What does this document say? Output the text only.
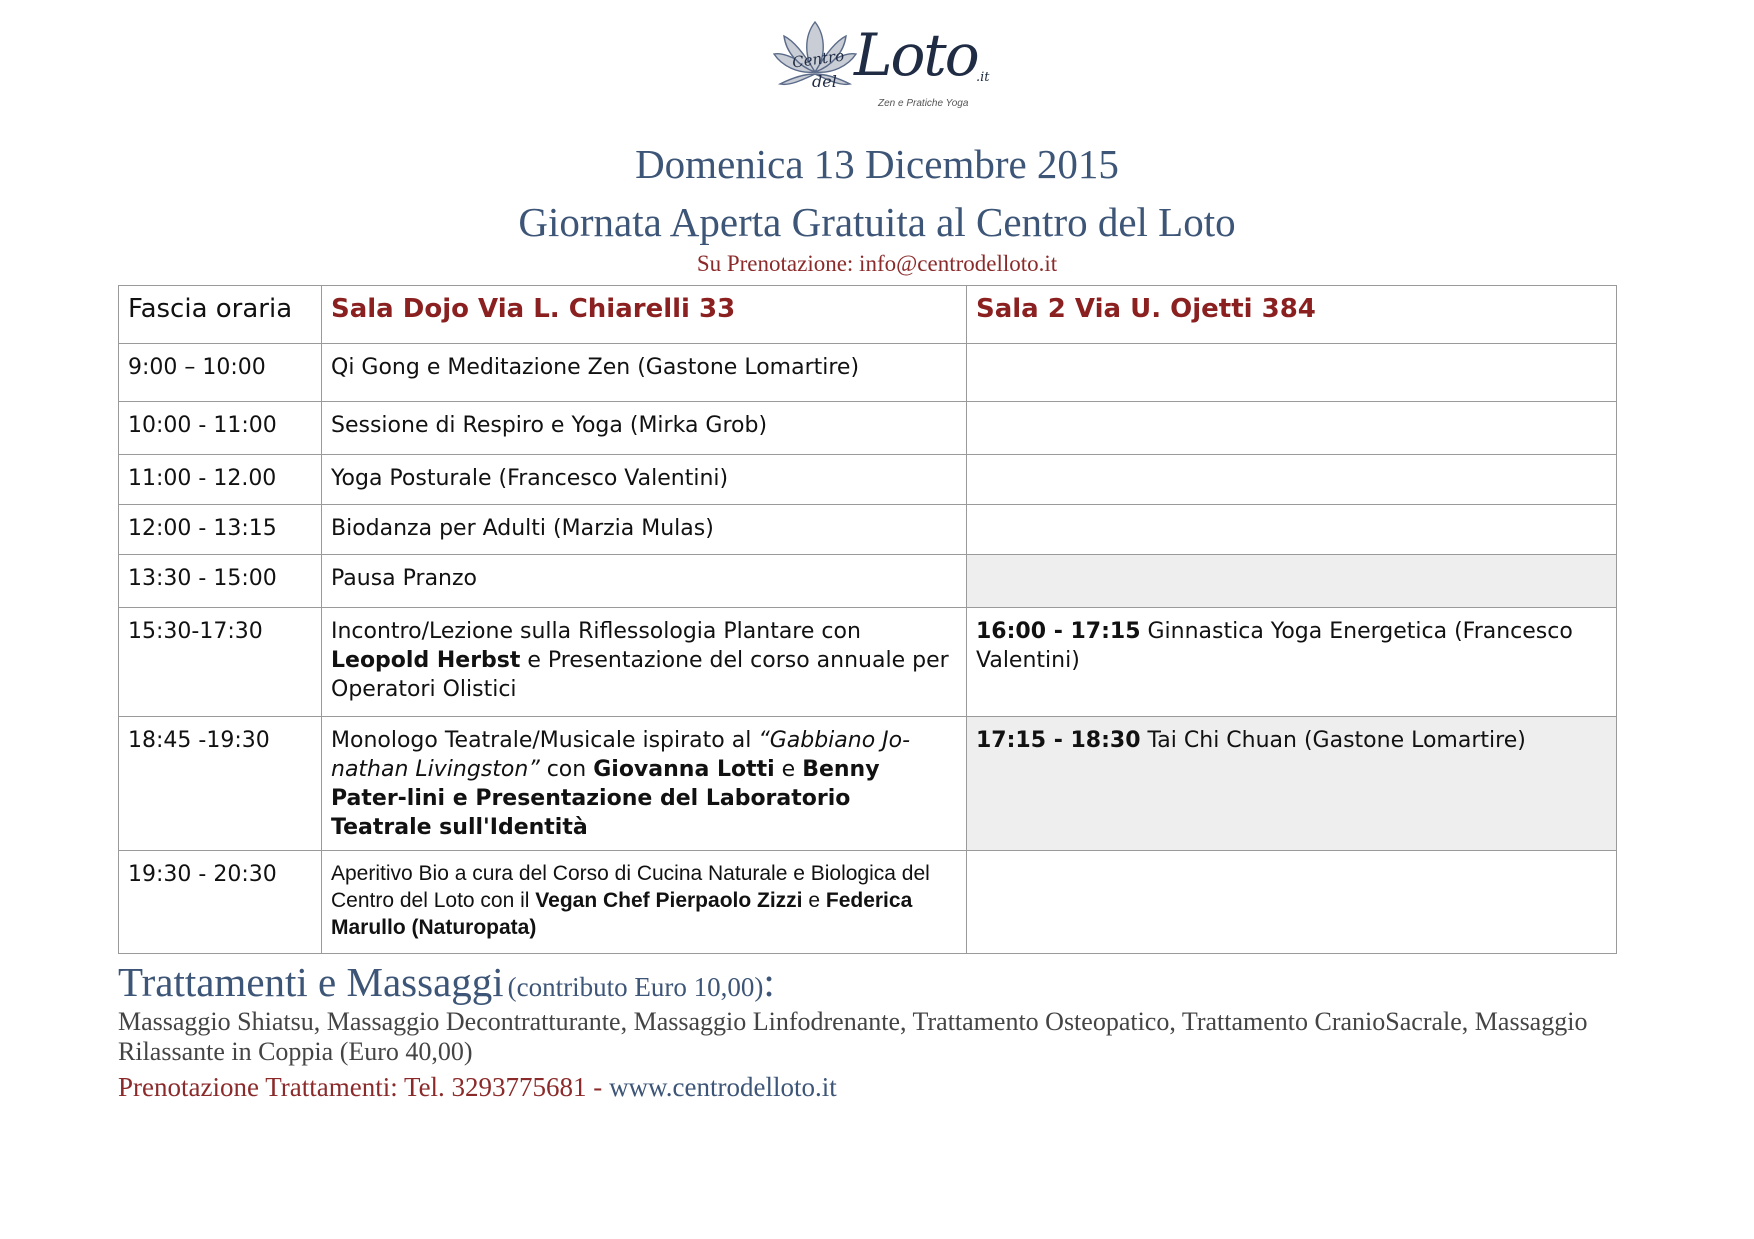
Centro
del Loto
.it
Zen e Pratiche Yoga
Domenica 13 Dicembre 2015
Giornata Aperta Gratuita al Centro del Loto
Su Prenotazione: info@centrodelloto.it
Fascia oraria	Sala Dojo Via L. Chiarelli 33	Sala 2 Via U. Ojetti 384
9:00 – 10:00	Qi Gong e Meditazione Zen (Gastone Lomartire)	
10:00 - 11:00	Sessione di Respiro e Yoga (Mirka Grob)	
11:00 - 12.00	Yoga Posturale (Francesco Valentini)	
12:00 - 13:15	Biodanza per Adulti (Marzia Mulas)	
13:30 - 15:00	Pausa Pranzo	
15:30-17:30	Incontro/Lezione sulla Riflessologia Plantare con Leopold Herbst e Presentazione del corso annuale per Operatori Olistici	16:00 - 17:15 Ginnastica Yoga Energetica (Francesco Valentini)
18:45 -19:30	Monologo Teatrale/Musicale ispirato al “Gabbiano Jo-nathan Livingston” con Giovanna Lotti e Benny Pater-lini e Presentazione del Laboratorio Teatrale sull'Identità	17:15 - 18:30 Tai Chi Chuan (Gastone Lomartire)
19:30 - 20:30	Aperitivo Bio a cura del Corso di Cucina Naturale e Biologica del Centro del Loto con il Vegan Chef Pierpaolo Zizzi e Federica Marullo (Naturopata)	
Trattamenti e Massaggi (contributo Euro 10,00):
Massaggio Shiatsu, Massaggio Decontratturante, Massaggio Linfodrenante, Trattamento Osteopatico, Trattamento CranioSacrale, Massaggio Rilassante in Coppia (Euro 40,00)
Prenotazione Trattamenti: Tel. 3293775681 - www.centrodelloto.it
